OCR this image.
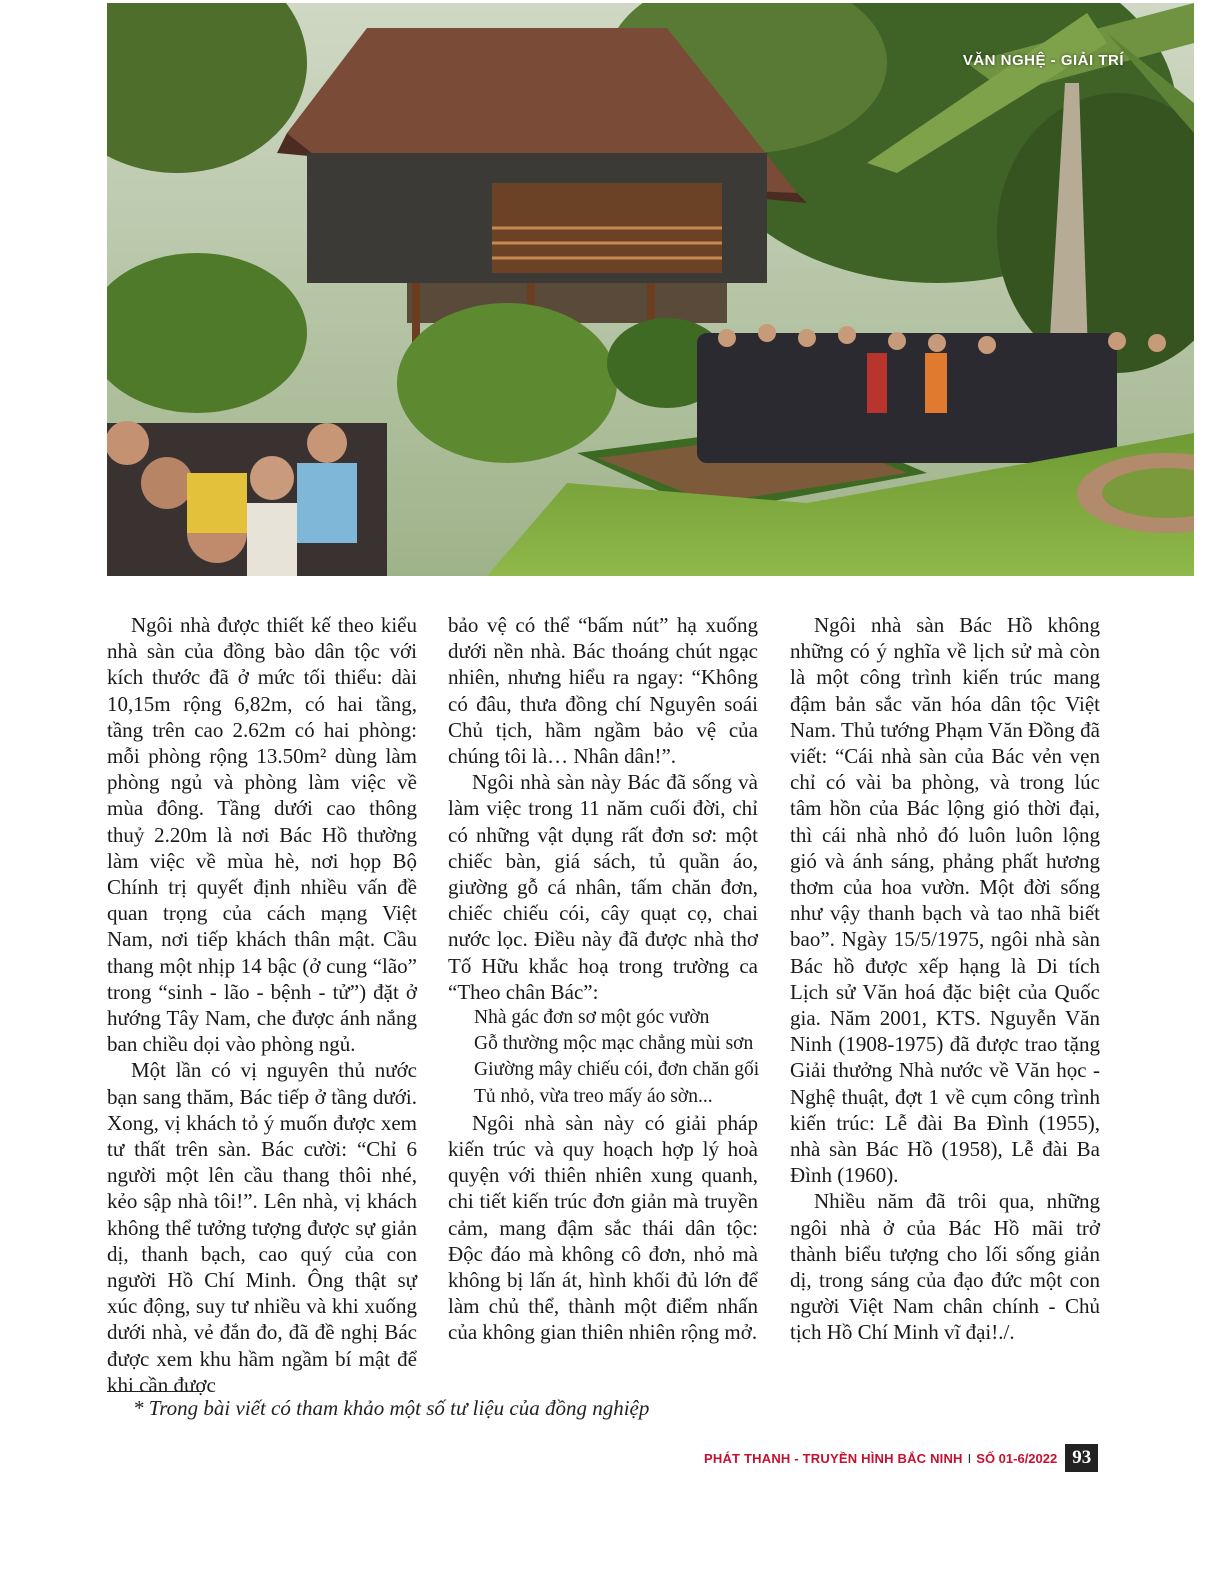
VĂN NGHỆ - GIẢI TRÍ

Ngôi nhà được thiết kế theo kiểu nhà sàn của đồng bào dân tộc với kích thước đã ở mức tối thiểu: dài 10,15m rộng 6,82m, có hai tầng, tầng trên cao 2.62m có hai phòng: mỗi phòng rộng 13.50m² dùng làm phòng ngủ và phòng làm việc về mùa đông. Tầng dưới cao thông thuỷ 2.20m là nơi Bác Hồ thường làm việc về mùa hè, nơi họp Bộ Chính trị quyết định nhiều vấn đề quan trọng của cách mạng Việt Nam, nơi tiếp khách thân mật. Cầu thang một nhịp 14 bậc (ở cung “lão” trong “sinh - lão - bệnh - tử”) đặt ở hướng Tây Nam, che được ánh nắng ban chiều dọi vào phòng ngủ.

Một lần có vị nguyên thủ nước bạn sang thăm, Bác tiếp ở tầng dưới. Xong, vị khách tỏ ý muốn được xem tư thất trên sàn. Bác cười: “Chỉ 6 người một lên cầu thang thôi nhé, kẻo sập nhà tôi!”. Lên nhà, vị khách không thể tưởng tượng được sự giản dị, thanh bạch, cao quý của con người Hồ Chí Minh. Ông thật sự xúc động, suy tư nhiều và khi xuống dưới nhà, vẻ đắn đo, đã đề nghị Bác được xem khu hầm ngầm bí mật để khi cần được

bảo vệ có thể “bấm nút” hạ xuống dưới nền nhà. Bác thoáng chút ngạc nhiên, nhưng hiểu ra ngay: “Không có đâu, thưa đồng chí Nguyên soái Chủ tịch, hầm ngầm bảo vệ của chúng tôi là… Nhân dân!”.

Ngôi nhà sàn này Bác đã sống và làm việc trong 11 năm cuối đời, chỉ có những vật dụng rất đơn sơ: một chiếc bàn, giá sách, tủ quần áo, giường gỗ cá nhân, tấm chăn đơn, chiếc chiếu cói, cây quạt cọ, chai nước lọc. Điều này đã được nhà thơ Tố Hữu khắc hoạ trong trường ca “Theo chân Bác”:

Nhà gác đơn sơ một góc vườn
Gỗ thường mộc mạc chẳng mùi sơn
Giường mây chiếu cói, đơn chăn gối
Tủ nhỏ, vừa treo mấy áo sờn...

Ngôi nhà sàn này có giải pháp kiến trúc và quy hoạch hợp lý hoà quyện với thiên nhiên xung quanh, chi tiết kiến trúc đơn giản mà truyền cảm, mang đậm sắc thái dân tộc: Độc đáo mà không cô đơn, nhỏ mà không bị lấn át, hình khối đủ lớn để làm chủ thể, thành một điểm nhấn của không gian thiên nhiên rộng mở.

Ngôi nhà sàn Bác Hồ không những có ý nghĩa về lịch sử mà còn là một công trình kiến trúc mang đậm bản sắc văn hóa dân tộc Việt Nam. Thủ tướng Phạm Văn Đồng đã viết: “Cái nhà sàn của Bác vẻn vẹn chỉ có vài ba phòng, và trong lúc tâm hồn của Bác lộng gió thời đại, thì cái nhà nhỏ đó luôn luôn lộng gió và ánh sáng, phảng phất hương thơm của hoa vườn. Một đời sống như vậy thanh bạch và tao nhã biết bao”. Ngày 15/5/1975, ngôi nhà sàn Bác hồ được xếp hạng là Di tích Lịch sử Văn hoá đặc biệt của Quốc gia. Năm 2001, KTS. Nguyễn Văn Ninh (1908-1975) đã được trao tặng Giải thưởng Nhà nước về Văn học - Nghệ thuật, đợt 1 về cụm công trình kiến trúc: Lễ đài Ba Đình (1955), nhà sàn Bác Hồ (1958), Lễ đài Ba Đình (1960).

Nhiều năm đã trôi qua, những ngôi nhà ở của Bác Hồ mãi trở thành biểu tượng cho lối sống giản dị, trong sáng của đạo đức một con người Việt Nam chân chính - Chủ tịch Hồ Chí Minh vĩ đại!./.

* Trong bài viết có tham khảo một số tư liệu của đồng nghiệp
PHÁT THANH - TRUYỀN HÌNH BẮC NINH I SỐ 01-6/2022 93
